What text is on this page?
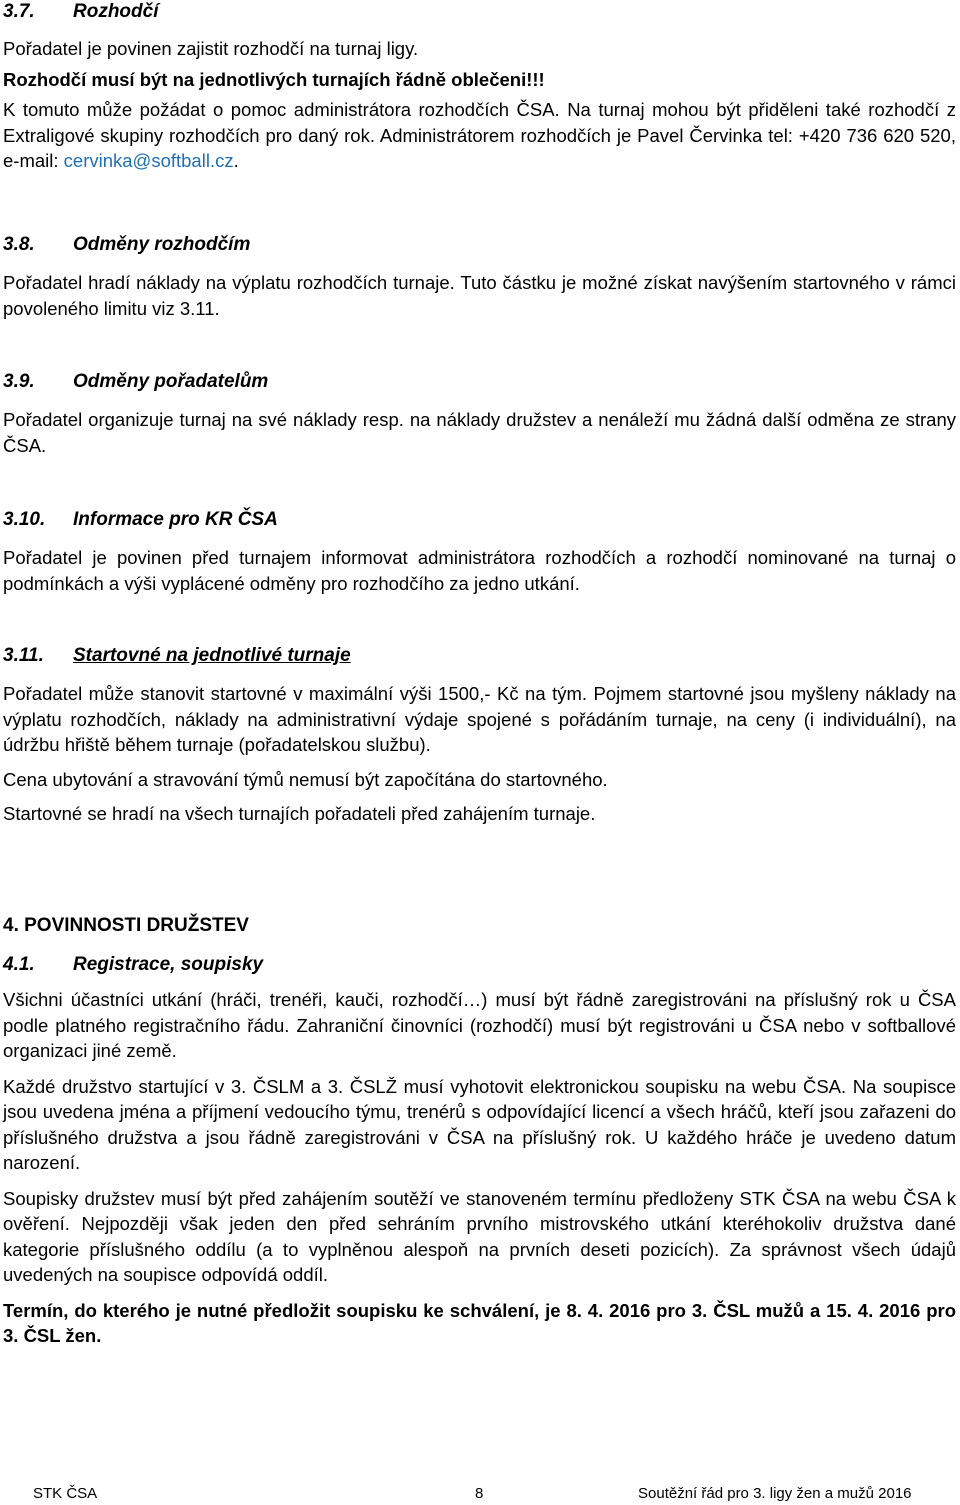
3.7. Rozhodčí

Pořadatel je povinen zajistit rozhodčí na turnaj ligy.

Rozhodčí musí být na jednotlivých turnajích řádně oblečeni!!!

K tomuto může požádat o pomoc administrátora rozhodčích ČSA. Na turnaj mohou být přiděleni také rozhodčí z Extraligové skupiny rozhodčích pro daný rok. Administrátorem rozhodčích je Pavel Červinka tel: +420 736 620 520, e-mail: cervinka@softball.cz.

3.8. Odměny rozhodčím

Pořadatel hradí náklady na výplatu rozhodčích turnaje. Tuto částku je možné získat navýšením startovného v rámci povoleného limitu viz 3.11.

3.9. Odměny pořadatelům

Pořadatel organizuje turnaj na své náklady resp. na náklady družstev a nenáleží mu žádná další odměna ze strany ČSA.

3.10. Informace pro KR ČSA

Pořadatel je povinen před turnajem informovat administrátora rozhodčích a rozhodčí nominované na turnaj o podmínkách a výši vyplácené odměny pro rozhodčího za jedno utkání.

3.11. Startovné na jednotlivé turnaje

Pořadatel může stanovit startovné v maximální výši 1500,- Kč na tým. Pojmem startovné jsou myšleny náklady na výplatu rozhodčích, náklady na administrativní výdaje spojené s pořádáním turnaje, na ceny (i individuální), na údržbu hřiště během turnaje (pořadatelskou službu).

Cena ubytování a stravování týmů nemusí být započítána do startovného.

Startovné se hradí na všech turnajích pořadateli před zahájením turnaje.

4. POVINNOSTI DRUŽSTEV
4.1. Registrace, soupisky

Všichni účastníci utkání (hráči, trenéři, kauči, rozhodčí…) musí být řádně zaregistrováni na příslušný rok u ČSA podle platného registračního řádu. Zahraniční činovníci (rozhodčí) musí být registrováni u ČSA nebo v softballové organizaci jiné země.

Každé družstvo startující v 3. ČSLM a 3. ČSLŽ musí vyhotovit elektronickou soupisku na webu ČSA. Na soupisce jsou uvedena jména a příjmení vedoucího týmu, trenérů s odpovídající licencí a všech hráčů, kteří jsou zařazeni do příslušného družstva a jsou řádně zaregistrováni v ČSA na příslušný rok. U každého hráče je uvedeno datum narození.

Soupisky družstev musí být před zahájením soutěží ve stanoveném termínu předloženy STK ČSA na webu ČSA k ověření. Nejpozději však jeden den před sehráním prvního mistrovského utkání kteréhokoliv družstva dané kategorie příslušného oddílu (a to vyplněnou alespoň na prvních deseti pozicích). Za správnost všech údajů uvedených na soupisce odpovídá oddíl.

Termín, do kterého je nutné předložit soupisku ke schválení, je 8. 4. 2016 pro 3. ČSL mužů a 15. 4. 2016 pro 3. ČSL žen.

STK ČSA	8	Soutěžní řád pro 3. ligy žen a mužů 2016
